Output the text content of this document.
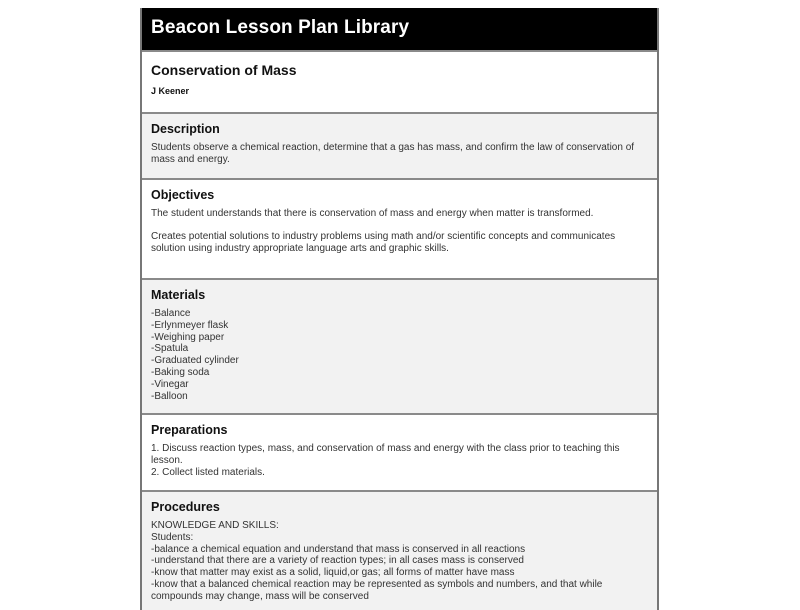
Beacon Lesson Plan Library
Conservation of Mass
J Keener
Description
Students observe a chemical reaction, determine that a gas has mass, and confirm the law of conservation of mass and energy.
Objectives
The student understands that there is conservation of mass and energy when matter is transformed.
Creates potential solutions to industry problems using math and/or scientific concepts and communicates solution using industry appropriate language arts and graphic skills.
Materials
-Balance
-Erlynmeyer flask
-Weighing paper
-Spatula
-Graduated cylinder
-Baking soda
-Vinegar
-Balloon
Preparations
1. Discuss reaction types, mass, and conservation of mass and energy with the class prior to teaching this lesson.
2. Collect listed materials.
Procedures
KNOWLEDGE AND SKILLS:
Students:
-balance a chemical equation and understand that mass is conserved in all reactions
-understand that there are a variety of reaction types; in all cases mass is conserved
-know that matter may exist as a solid, liquid,or gas; all forms of matter have mass
-know that a balanced chemical reaction may be represented as symbols and numbers, and that while compounds may change, mass will be conserved
